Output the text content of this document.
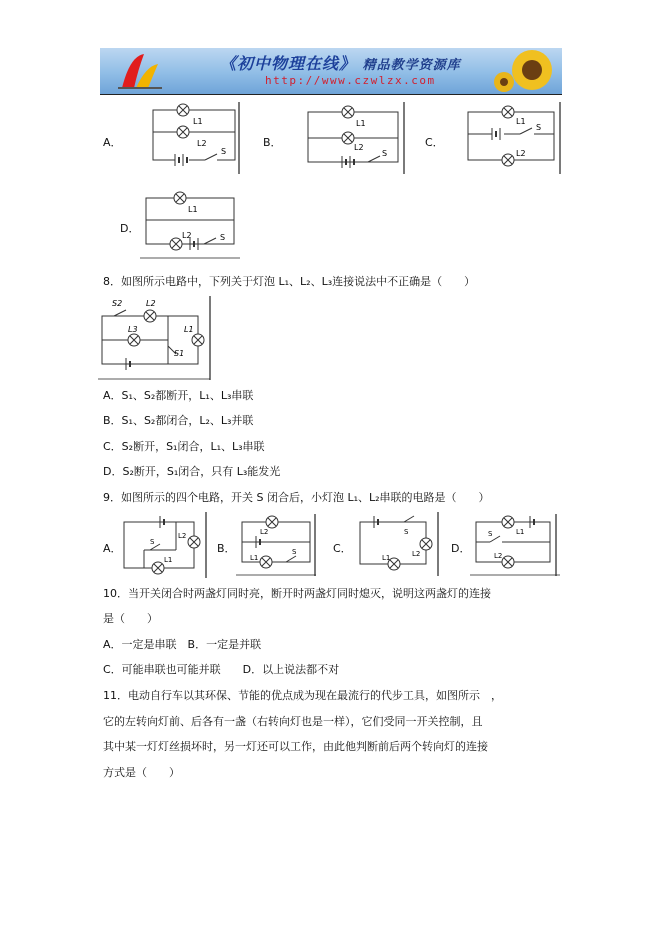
《初中物理在线》 精品教学资源库
http://www.czwlzx.com
A．	B．	C．
D．
L1
L2
S
L1
L2
S
L1
S
L2
L1
L2	S
8．如图所示电路中，下列关于灯泡 L₁、L₂、L₃连接说法中不正确是（　　）
S2	L2
L3	L1
S1
A．S₁、S₂都断开，L₁、L₃串联
B．S₁、S₂都闭合，L₂、L₃并联
C．S₂断开，S₁闭合，L₁、L₃串联
D．S₂断开，S₁闭合，只有 L₃能发光
9．如图所示的四个电路，开关 S 闭合后，小灯泡 L₁、L₂串联的电路是（　　）
A．	B．	C．	D．
S
L2
L1
L2
L1
S
S
L1	L2
L1
S
L2
10．当开关闭合时两盏灯同时亮，断开时两盏灯同时熄灭，说明这两盏灯的连接
是（　　）
A．一定是串联　B．一定是并联
C．可能串联也可能并联　　D．以上说法都不对
11．电动自行车以其环保、节能的优点成为现在最流行的代步工具，如图所示　，
它的左转向灯前、后各有一盏（右转向灯也是一样），它们受同一开关控制，且
其中某一灯灯丝损坏时，另一灯还可以工作，由此他判断前后两个转向灯的连接
方式是（　　）
